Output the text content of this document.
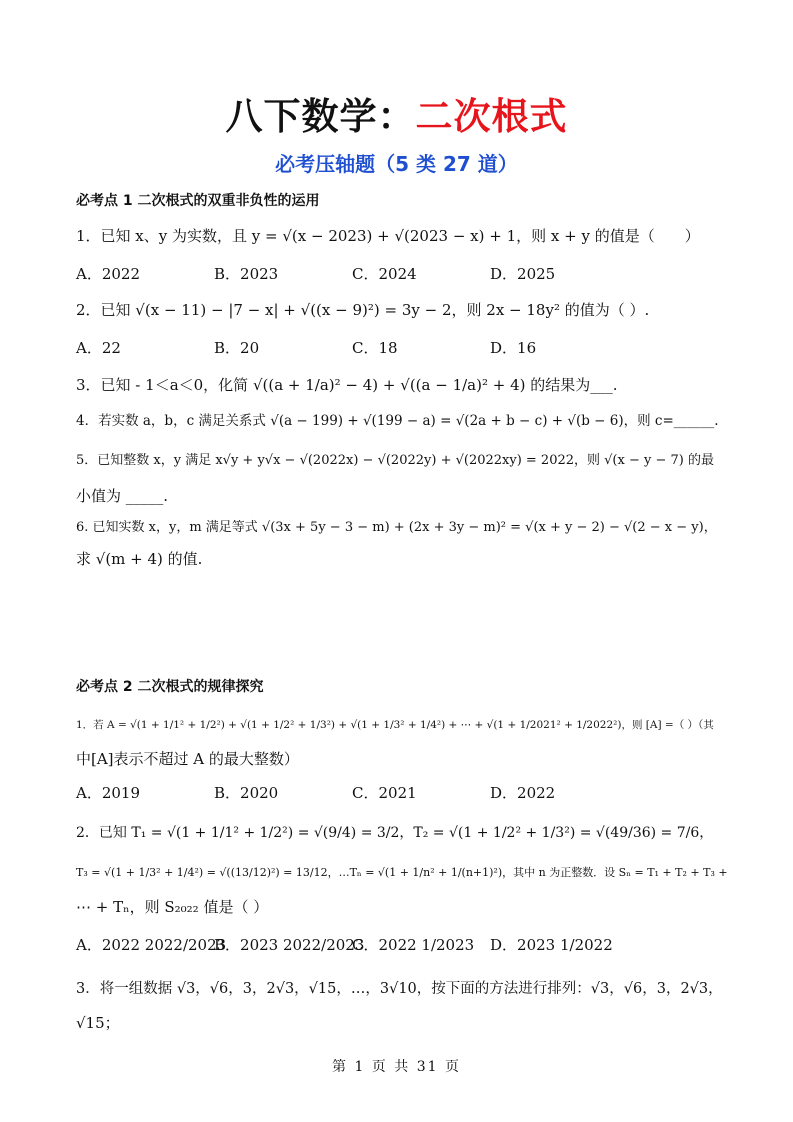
八下数学：二次根式
必考压轴题（5 类 27 道）
必考点 1 二次根式的双重非负性的运用
1．已知 x、y 为实数，且 y = √(x − 2023) + √(2023 − x) + 1，则 x + y 的值是（　　）
A．2022	B．2023	C．2024	D．2025
2．已知 √(x − 11) − |7 − x| + √((x − 9)²) = 3y − 2，则 2x − 18y² 的值为（ ）.
A．22	B．20	C．18	D．16
3．已知 - 1＜a＜0，化简 √((a + 1/a)² − 4) + √((a − 1/a)² + 4) 的结果为___.
4．若实数 a，b，c 满足关系式 √(a − 199) + √(199 − a) = √(2a + b − c) + √(b − 6)，则 c=______.
5．已知整数 x，y 满足 x√y + y√x − √(2022x) − √(2022y) + √(2022xy) = 2022，则 √(x − y − 7) 的最
小值为 _____.
6. 已知实数 x，y，m 满足等式 √(3x + 5y − 3 − m) + (2x + 3y − m)² = √(x + y − 2) − √(2 − x − y)，
求 √(m + 4) 的值.
必考点 2 二次根式的规律探究
1．若 A = √(1 + 1/1² + 1/2²) + √(1 + 1/2² + 1/3²) + √(1 + 1/3² + 1/4²) + ⋯ + √(1 + 1/2021² + 1/2022²)，则 [A] =（ ）（其
中[A]表示不超过 A 的最大整数）
A．2019	B．2020	C．2021	D．2022
2．已知 T₁ = √(1 + 1/1² + 1/2²) = √(9/4) = 3/2，T₂ = √(1 + 1/2² + 1/3²) = √(49/36) = 7/6，
T₃ = √(1 + 1/3² + 1/4²) = √((13/12)²) = 13/12，…Tₙ = √(1 + 1/n² + 1/(n+1)²)，其中 n 为正整数．设 Sₙ = T₁ + T₂ + T₃ +
⋯ + Tₙ，则 S₂₀₂₂ 值是（ ）
A．2022 2022/2023
B．2023 2022/2023
C．2022 1/2023 D．2023 1/2022
3．将一组数据 √3，√6，3，2√3，√15，…，3√10，按下面的方法进行排列：√3，√6，3，2√3，
√15；
第 1 页 共 31 页
